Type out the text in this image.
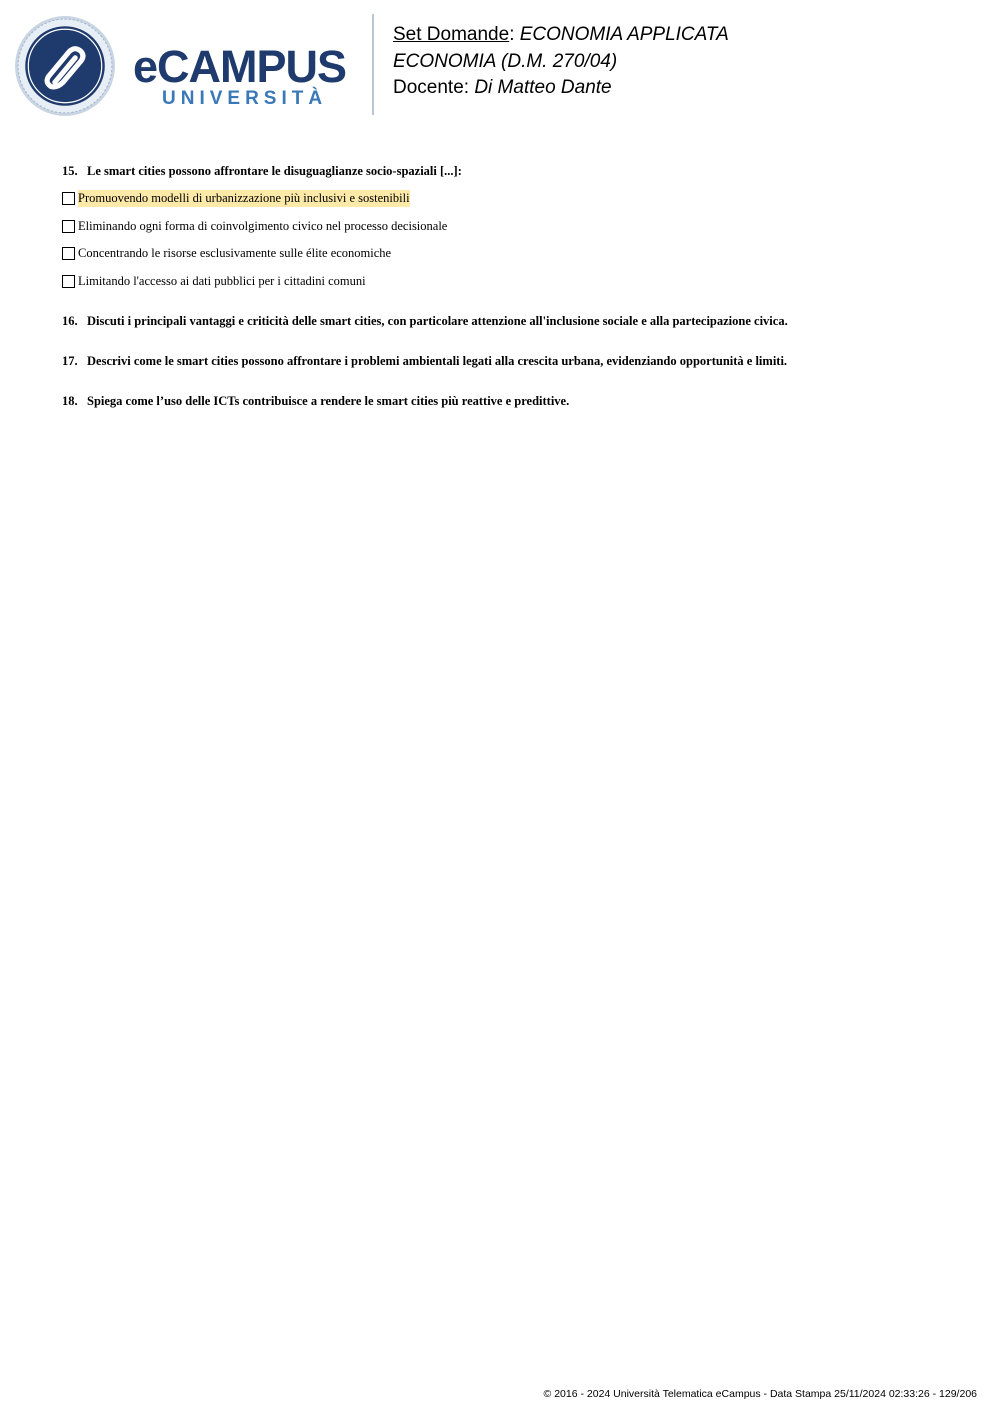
eCAMPUS
UNIVERSITÀ
Set Domande: ECONOMIA APPLICATA
ECONOMIA (D.M. 270/04)
Docente: Di Matteo Dante

15. Le smart cities possono affrontare le disuguaglianze socio-spaziali [...]:

Promuovendo modelli di urbanizzazione più inclusivi e sostenibili
Eliminando ogni forma di coinvolgimento civico nel processo decisionale
Concentrando le risorse esclusivamente sulle élite economiche
Limitando l'accesso ai dati pubblici per i cittadini comuni

16. Discuti i principali vantaggi e criticità delle smart cities, con particolare attenzione all'inclusione sociale e alla partecipazione civica.

17. Descrivi come le smart cities possono affrontare i problemi ambientali legati alla crescita urbana, evidenziando opportunità e limiti.

18. Spiega come l’uso delle ICTs contribuisce a rendere le smart cities più reattive e predittive.

© 2016 - 2024 Università Telematica eCampus - Data Stampa 25/11/2024 02:33:26 - 129/206
